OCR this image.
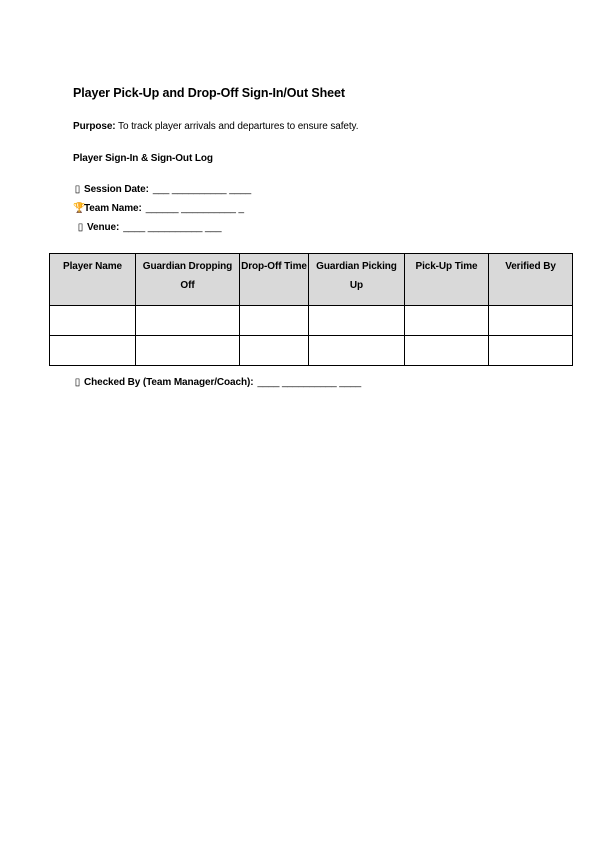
Player Pick-Up and Drop-Off Sign-In/Out Sheet
Purpose: To track player arrivals and departures to ensure safety.
Player Sign-In & Sign-Out Log
▯ Session Date: ___ __________ ____
🏆Team Name: ______ __________ _
▯ Venue: ____ __________ ___
Player Name	Guardian Dropping Off	Drop-Off Time	Guardian Picking Up	Pick-Up Time	Verified By

▯ Checked By (Team Manager/Coach): ____ __________ ____
